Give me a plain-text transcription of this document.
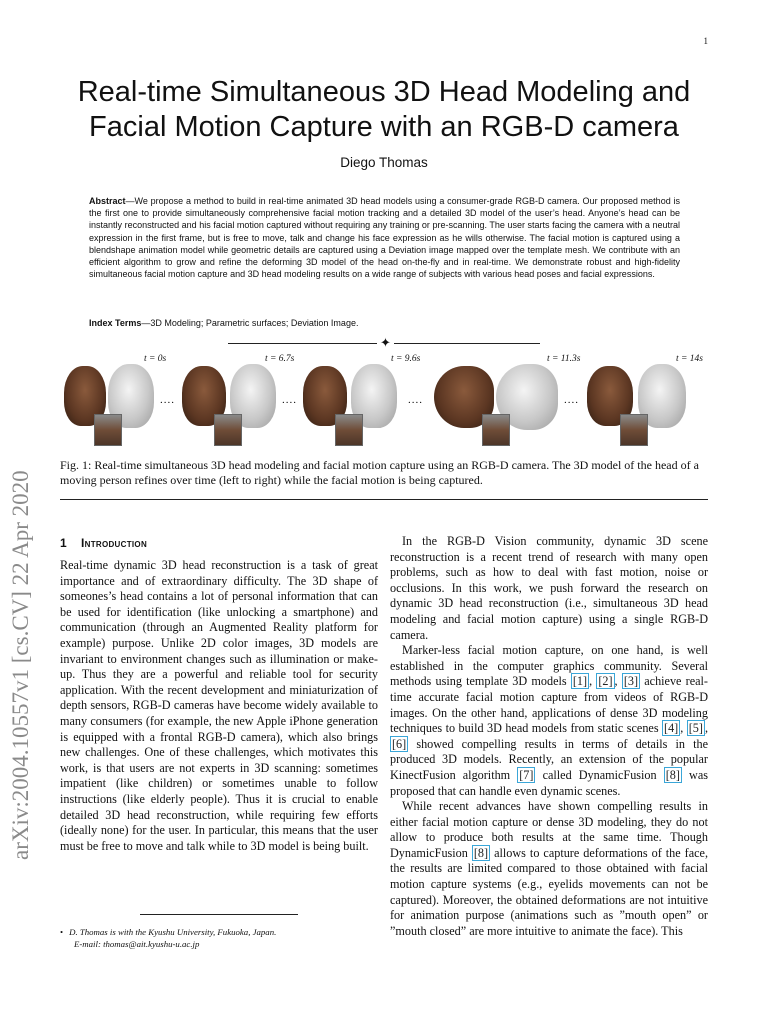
1
arXiv:2004.10557v1 [cs.CV] 22 Apr 2020
Real-time Simultaneous 3D Head Modeling and Facial Motion Capture with an RGB-D camera
Diego Thomas
Abstract—We propose a method to build in real-time animated 3D head models using a consumer-grade RGB-D camera. Our proposed method is the first one to provide simultaneously comprehensive facial motion tracking and a detailed 3D model of the user’s head. Anyone’s head can be instantly reconstructed and his facial motion captured without requiring any training or pre-scanning. The user starts facing the camera with a neutral expression in the first frame, but is free to move, talk and change his face expression as he wills otherwise. The facial motion is captured using a blendshape animation model while geometric details are captured using a Deviation image mapped over the template mesh. We contribute with an efficient algorithm to grow and refine the deforming 3D model of the head on-the-fly and in real-time. We demonstrate robust and high-fidelity simultaneous facial motion capture and 3D head modeling results on a wide range of subjects with various head poses and facial expressions.
Index Terms—3D Modeling; Parametric surfaces; Deviation Image.
✦
t = 0s	t = 6.7s	t = 9.6s	t = 11.3s	t = 14s
....	....	....	....
Fig. 1: Real-time simultaneous 3D head modeling and facial motion capture using an RGB-D camera. The 3D model of the head of a moving person refines over time (left to right) while the facial motion is being captured.
1 Introduction

Real-time dynamic 3D head reconstruction is a task of great importance and of extraordinary difficulty. The 3D shape of someones’s head contains a lot of personal information that can be used for identification (like unlocking a smartphone) and communication (through an Augmented Reality platform for example) purpose. Unlike 2D color images, 3D models are invariant to environment changes such as illumination or make-up. Thus they are a powerful and reliable tool for security application. With the recent development and miniaturization of depth sensors, RGB-D cameras have become widely available to many consumers (for example, the new Apple iPhone generation is equipped with a frontal RGB-D camera), which also brings new challenges. One of these challenges, which motivates this work, is that users are not experts in 3D scanning: sometimes impatient (like children) or sometimes unable to follow instructions (like elderly people). Thus it is crucial to enable detailed 3D head reconstruction, while requiring few efforts (ideally none) for the user. In particular, this means that the user must be free to move and talk while to 3D model is being built.

• D. Thomas is with the Kyushu University, Fukuoka, Japan.
E-mail: thomas@ait.kyushu-u.ac.jp

In the RGB-D Vision community, dynamic 3D scene reconstruction is a recent trend of research with many open problems, such as how to deal with fast motion, noise or occlusions. In this work, we push forward the research on dynamic 3D head reconstruction (i.e., simultaneous 3D head modeling and facial motion capture) using a single RGB-D camera.

Marker-less facial motion capture, on one hand, is well established in the computer graphics community. Several methods using template 3D models [1] , [2] , [3] achieve real-time accurate facial motion capture from videos of RGB-D images. On the other hand, applications of dense 3D modeling techniques to build 3D head models from static scenes [4] , [5] , [6] showed compelling results in terms of details in the produced 3D models. Recently, an extension of the popular KinectFusion algorithm [7] called DynamicFusion [8] was proposed that can handle even dynamic scenes.

While recent advances have shown compelling results in either facial motion capture or dense 3D modeling, they do not allow to produce both results at the same time. Though DynamicFusion [8] allows to capture deformations of the face, the results are limited compared to those obtained with facial motion capture systems (e.g., eyelids movements can not be captured). Moreover, the obtained deformations are not intuitive for animation purpose (animations such as ”mouth open” or ”mouth closed” are more intuitive to animate the face). This
